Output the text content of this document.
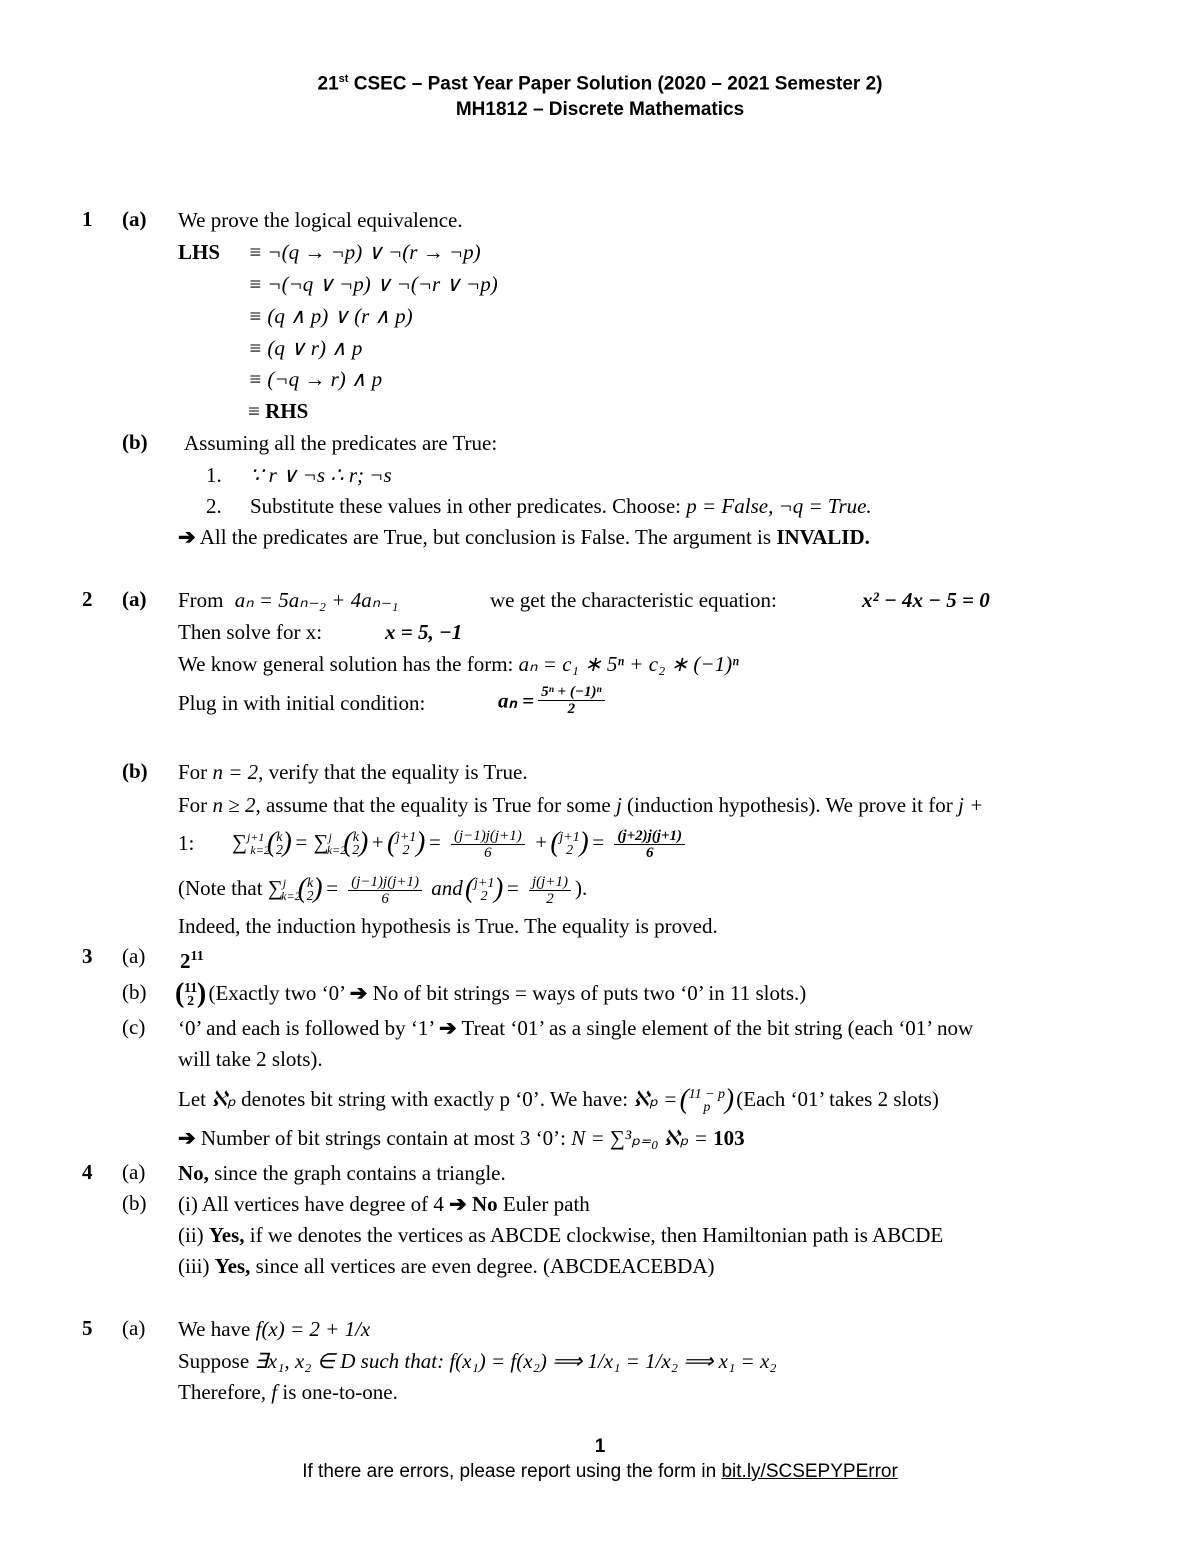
21st CSEC – Past Year Paper Solution (2020 – 2021 Semester 2)
MH1812 – Discrete Mathematics
1 (a) We prove the logical equivalence.
LHS ≡ ¬(q → ¬p) ∨ ¬(r → ¬p)
≡ ¬(¬q ∨ ¬p) ∨ ¬(¬r ∨ ¬p)
≡ (q ∧ p) ∨ (r ∧ p)
≡ (q ∨ r) ∧ p
≡ (¬q → r) ∧ p
≡ RHS
(b) Assuming all the predicates are True:
1. ∵ r ∨ ¬s ∴ r; ¬s
2. Substitute these values in other predicates. Choose: p = False, ¬q = True.
➔ All the predicates are True, but conclusion is False. The argument is INVALID.
2 (a) From aₙ = 5aₙ₋₂ + 4aₙ₋₁	we get the characteristic equation:	x² − 4x − 5 = 0
Then solve for x:	x = 5, −1
We know general solution has the form: aₙ = c₁ ∗ 5ⁿ + c₂ ∗ (−1)ⁿ
Plug in with initial condition:	$a_n = \frac{\text{5ⁿ + (−1)ⁿ}}{2}$
(b) For n = 2, verify that the equality is True.
For n ≥ 2, assume that the equality is True for some j (induction hypothesis). We prove it for j +
1: ∑$^{j+1}_{k=2}$
( k
2
) = ∑$^j_{k=2}$
( k
2
) + ( j+1
2
) = $\frac{(j-1)j(j+1)}{6}$ + ( j+1
2
) = $\frac{(j+2)j(j+1)}{6}$
(Note that ∑$^j_{k=2}$
( k
2
) = $\frac{(j-1)j(j+1)}{6}$ and ( j+1
2
) = $\frac{j(j+1)}{2}$ ).
Indeed, the induction hypothesis is True. The equality is proved.
3 (a) $2^{11}$
(b)	( 11
2
) (Exactly two ‘0’ ➔ No of bit strings = ways of puts two ‘0’ in 11 slots.)
(c) ‘0’ and each is followed by ‘1’ ➔ Treat ‘01’ as a single element of the bit string (each ‘01’ now
will take 2 slots).
Let ℵₚ denotes bit string with exactly p ‘0’. We have: ℵₚ = ( 11 − p
p
)	(Each ‘01’ takes 2 slots)
➔ Number of bit strings contain at most 3 ‘0’: N = ∑³ₚ₌₀ ℵₚ = 103
4 (a) No, since the graph contains a triangle.
(b) (i) All vertices have degree of 4 ➔ No Euler path
(ii) Yes, if we denotes the vertices as ABCDE clockwise, then Hamiltonian path is ABCDE
(iii) Yes, since all vertices are even degree. (ABCDEACEBDA)
5 (a) We have f(x) = 2 + 1/x
Suppose ∃x₁, x₂ ∈ D such that: f(x₁) = f(x₂) ⟹ 1/x₁ = 1/x₂ ⟹ x₁ = x₂
Therefore, f is one-to-one.
1
If there are errors, please report using the form in bit.ly/SCSEPYPError
